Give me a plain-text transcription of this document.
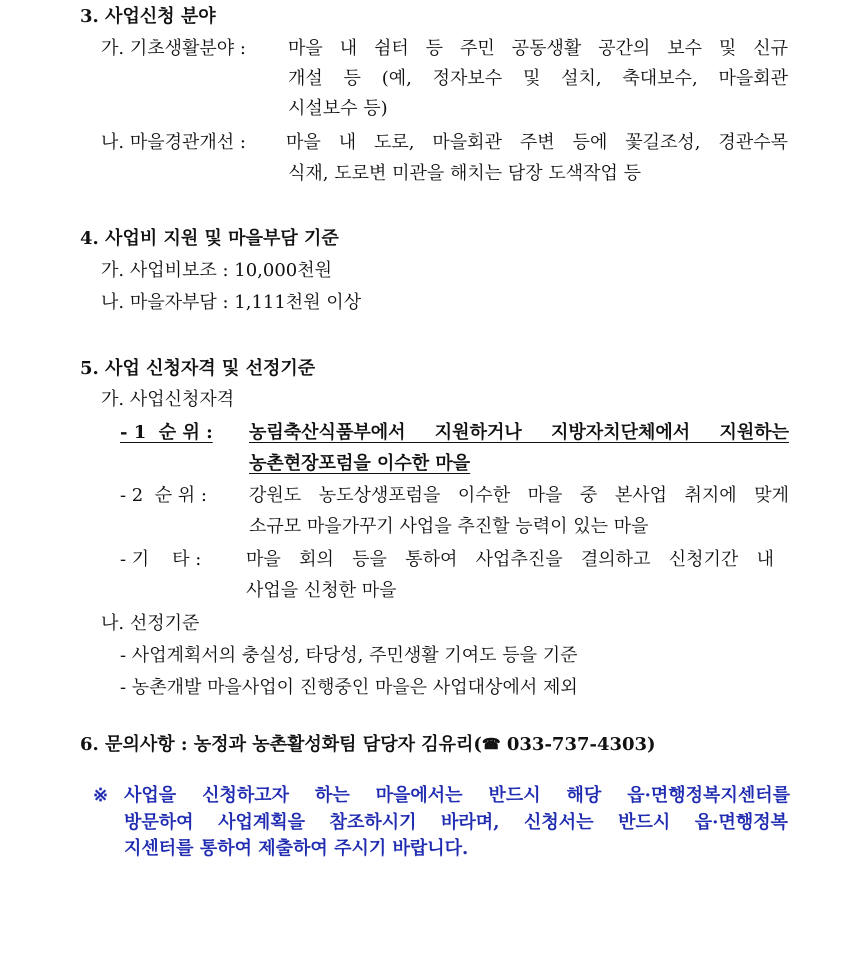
3. 사업신청 분야
가. 기초생활분야 : 마을 내 쉼터 등 주민 공동생활 공간의 보수 및 신규
개설 등 (예, 정자보수 및 설치, 축대보수, 마을회관
시설보수 등)
나. 마을경관개선 : 마을 내 도로, 마을회관 주변 등에 꽃길조성, 경관수목
식재, 도로변 미관을 해치는 담장 도색작업 등
4. 사업비 지원 및 마을부담 기준
가. 사업비보조 : 10,000천원
나. 마을자부담 : 1,111천원 이상
5. 사업 신청자격 및 선정기준
가. 사업신청자격
- 1  순 위 : 농림축산식품부에서 지원하거나 지방자치단체에서 지원하는
농촌현장포럼을 이수한 마을
- 2  순 위 : 강원도 농도상생포럼을 이수한 마을 중 본사업 취지에 맞게
소규모 마을가꾸기 사업을 추진할 능력이 있는 마을
- 기    타 : 마을 회의 등을 통하여 사업추진을 결의하고 신청기간 내
사업을 신청한 마을
나. 선정기준
- 사업계획서의 충실성, 타당성, 주민생활 기여도 등을 기준
- 농촌개발 마을사업이 진행중인 마을은 사업대상에서 제외
6. 문의사항 : 농정과 농촌활성화팀 담당자 김유리(☎ 033-737-4303)
※ 사업을 신청하고자 하는 마을에서는 반드시 해당 읍·면행정복지센터를
방문하여 사업계획을 참조하시기 바라며, 신청서는 반드시 읍·면행정복
지센터를 통하여 제출하여 주시기 바랍니다.
